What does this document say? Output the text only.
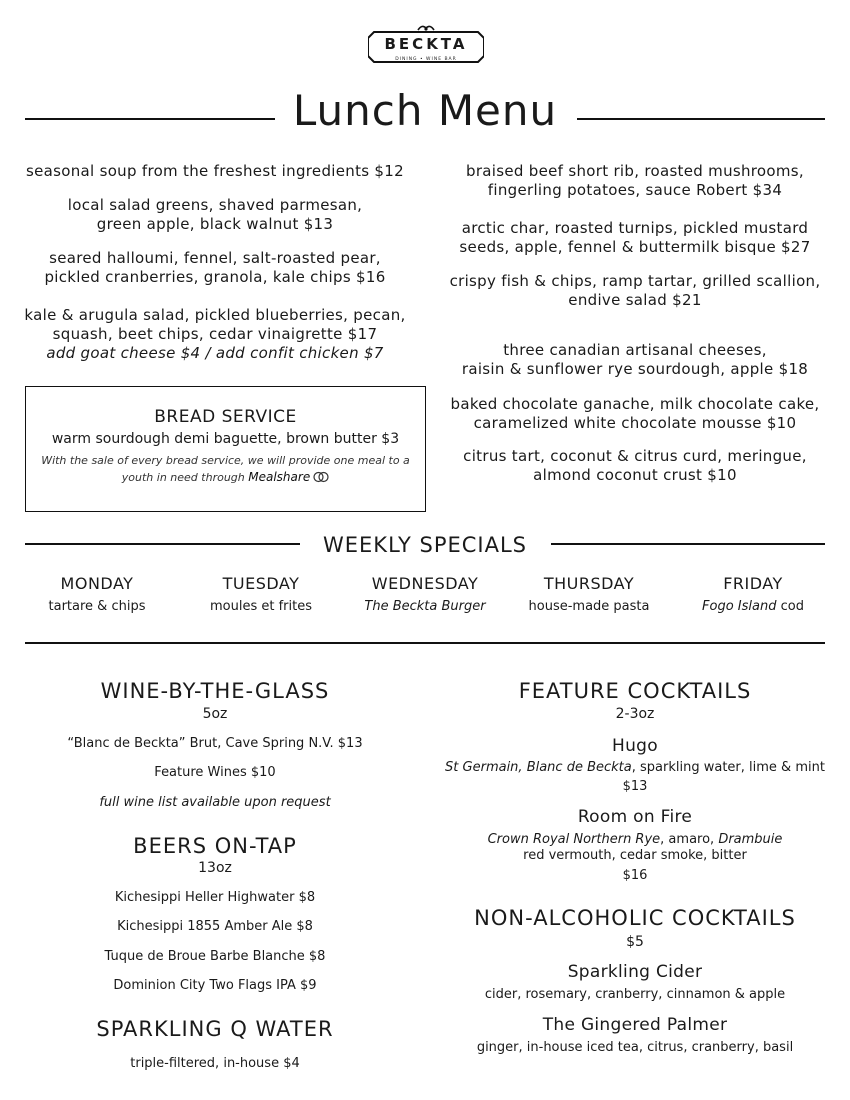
BECKTA
DINING • WINE BAR
Lunch Menu
seasonal soup from the freshest ingredients $12
local salad greens, shaved parmesan,
green apple, black walnut $13
seared halloumi, fennel, salt-roasted pear,
pickled cranberries, granola, kale chips $16
kale & arugula salad, pickled blueberries, pecan,
squash, beet chips, cedar vinaigrette $17
add goat cheese $4 / add confit chicken $7
braised beef short rib, roasted mushrooms,
fingerling potatoes, sauce Robert $34
arctic char, roasted turnips, pickled mustard
seeds, apple, fennel & buttermilk bisque $27
crispy fish & chips, ramp tartar, grilled scallion,
endive salad $21
three canadian artisanal cheeses,
raisin & sunflower rye sourdough, apple $18
baked chocolate ganache, milk chocolate cake,
caramelized white chocolate mousse $10
citrus tart, coconut & citrus curd, meringue,
almond coconut crust $10
BREAD SERVICE
warm sourdough demi baguette, brown butter $3
With the sale of every bread service, we will provide one meal to a youth in need through Mealshare
WEEKLY SPECIALS
MONDAY
tartare & chips
TUESDAY
moules et frites
WEDNESDAY
The Beckta Burger
THURSDAY
house-made pasta
FRIDAY
Fogo Island cod
WINE-BY-THE-GLASS
5oz
“Blanc de Beckta” Brut, Cave Spring N.V. $13
Feature Wines $10
full wine list available upon request
BEERS ON-TAP
13oz
Kichesippi Heller Highwater $8
Kichesippi 1855 Amber Ale $8
Tuque de Broue Barbe Blanche $8
Dominion City Two Flags IPA $9
SPARKLING Q WATER
triple-filtered, in-house $4
FEATURE COCKTAILS
2-3oz
Hugo
St Germain, Blanc de Beckta, sparkling water, lime & mint
$13
Room on Fire
Crown Royal Northern Rye, amaro, Drambuie
red vermouth, cedar smoke, bitter
$16
NON-ALCOHOLIC COCKTAILS
$5
Sparkling Cider
cider, rosemary, cranberry, cinnamon & apple
The Gingered Palmer
ginger, in-house iced tea, citrus, cranberry, basil
